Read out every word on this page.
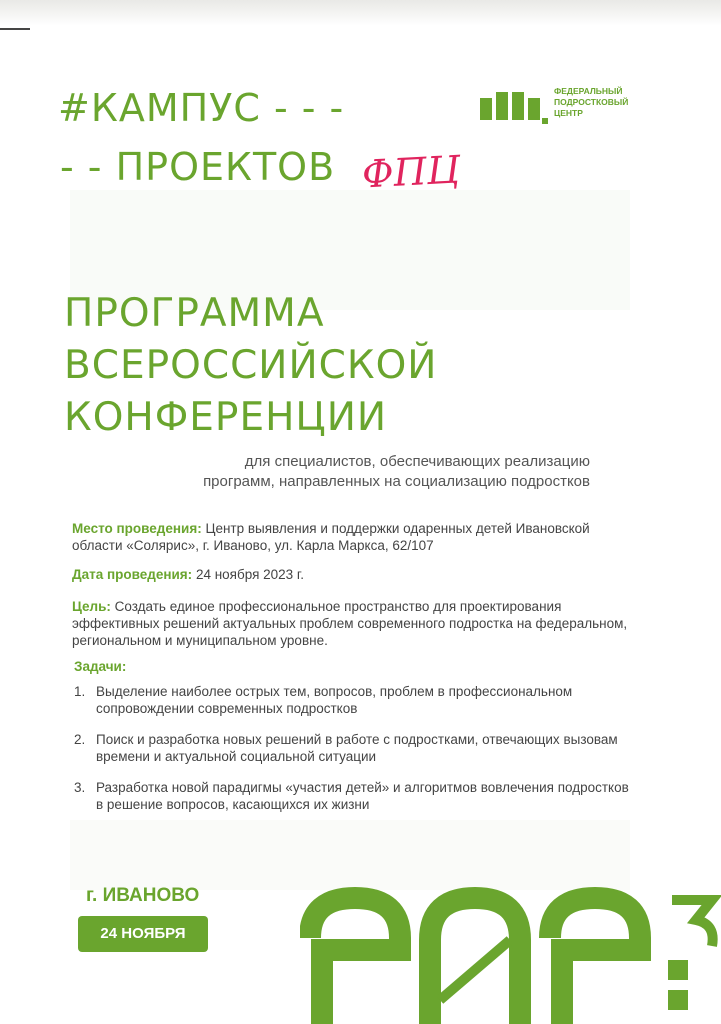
#КАМПУС - - -
- - ПРОЕКТОВ ФПЦ
ФЕДЕРАЛЬНЫЙ
ПОДРОСТКОВЫЙ
ЦЕНТР
ПРОГРАММА
ВСЕРОССИЙСКОЙ
КОНФЕРЕНЦИИ
для специалистов, обеспечивающих реализацию
программ, направленных на социализацию подростков
Место проведения: Центр выявления и поддержки одаренных детей Ивановской области «Солярис», г. Иваново, ул. Карла Маркса, 62/107
Дата проведения: 24 ноября 2023 г.
Цель: Создать единое профессиональное пространство для проектирования эффективных решений актуальных проблем современного подростка на федеральном, региональном и муниципальном уровне.
Задачи:
1. Выделение наиболее острых тем, вопросов, проблем в профессиональном сопровождении современных подростков
2. Поиск и разработка новых решений в работе с подростками, отвечающих вызовам времени и актуальной социальной ситуации
3. Разработка новой парадигмы «участия детей» и алгоритмов вовлечения подростков в решение вопросов, касающихся их жизни
г. ИВАНОВО
24 НОЯБРЯ
